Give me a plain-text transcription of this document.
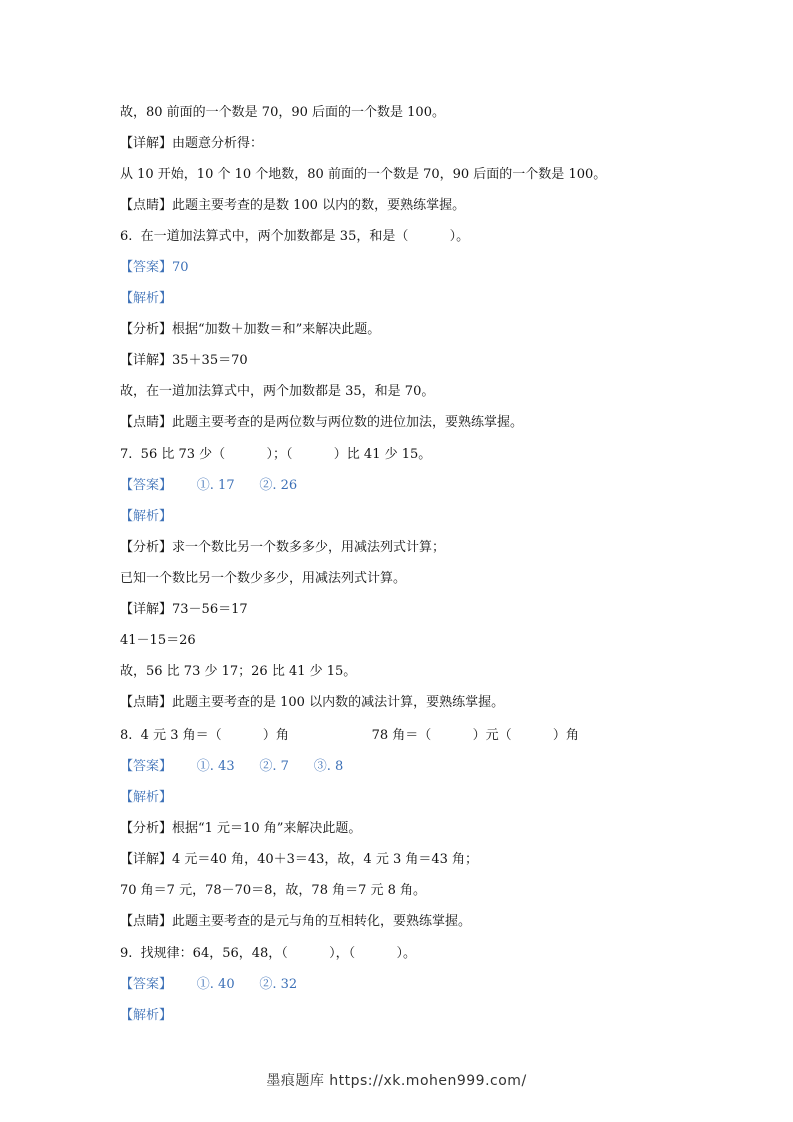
故，80 前面的一个数是 70，90 后面的一个数是 100。
【详解】由题意分析得：
从 10 开始，10 个 10 个地数，80 前面的一个数是 70，90 后面的一个数是 100。
【点睛】此题主要考查的是数 100 以内的数，要熟练掌握。
6.  在一道加法算式中，两个加数都是 35，和是（          ）。
【答案】70
【解析】
【分析】根据“加数＋加数＝和”来解决此题。
【详解】35＋35＝70
故，在一道加法算式中，两个加数都是 35，和是 70。
【点睛】此题主要考查的是两位数与两位数的进位加法，要熟练掌握。
7.  56 比 73 少（          ）；（          ）比 41 少 15。
【答案】      ①. 17      ②. 26
【解析】
【分析】求一个数比另一个数多多少，用减法列式计算；
已知一个数比另一个数少多少，用减法列式计算。
【详解】73－56＝17
41－15＝26
故，56 比 73 少 17；26 比 41 少 15。
【点睛】此题主要考查的是 100 以内数的减法计算，要熟练掌握。
8.  4 元 3 角＝（          ）角                    78 角＝（          ）元（          ）角
【答案】      ①. 43      ②. 7      ③. 8
【解析】
【分析】根据“1 元＝10 角”来解决此题。
【详解】4 元＝40 角，40＋3＝43，故，4 元 3 角＝43 角；
70 角＝7 元，78－70＝8，故，78 角＝7 元 8 角。
【点睛】此题主要考查的是元与角的互相转化，要熟练掌握。
9.  找规律：64，56，48，（          ），（          ）。
【答案】      ①. 40      ②. 32
【解析】
墨痕题库 https://xk.mohen999.com/
